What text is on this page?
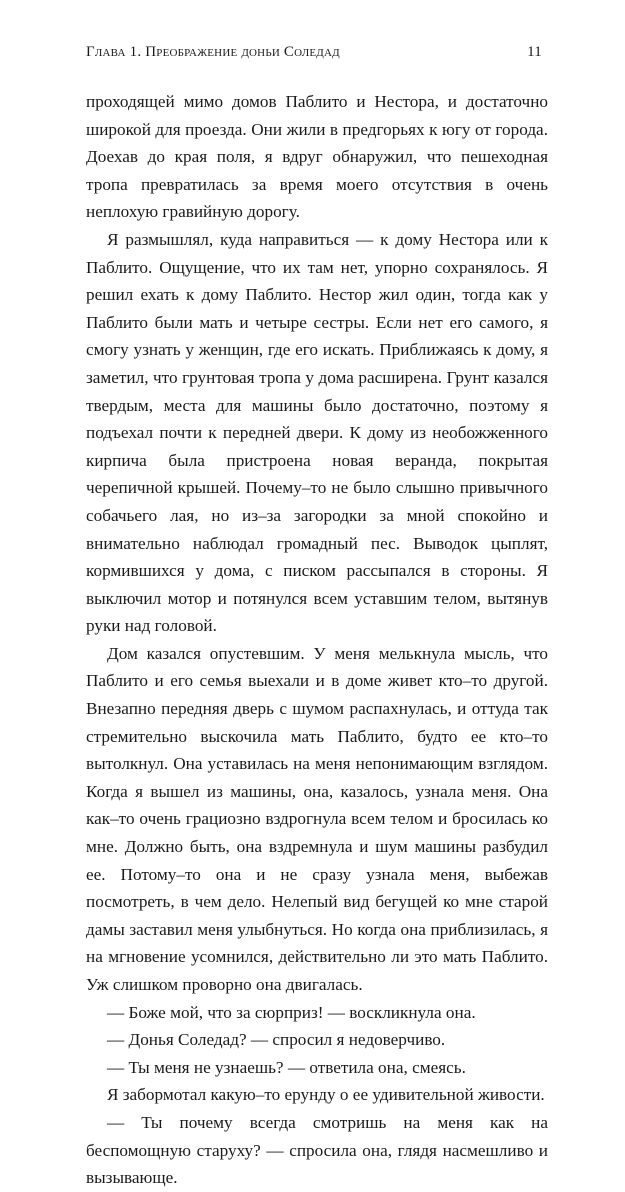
Глава 1. Преображение доньи Соледад	11

проходящей мимо домов Паблито и Нестора, и достаточно широкой для проезда. Они жили в предгорьях к югу от города. Доехав до края поля, я вдруг обнаружил, что пешеходная тропа превратилась за время моего отсутствия в очень неплохую гравийную дорогу.

Я размышлял, куда направиться — к дому Нестора или к Паблито. Ощущение, что их там нет, упорно сохранялось. Я решил ехать к дому Паблито. Нестор жил один, тогда как у Паблито были мать и четыре сестры. Если нет его самого, я смогу узнать у женщин, где его искать. Приближаясь к дому, я заметил, что грунтовая тропа у дома расширена. Грунт казался твердым, места для машины было достаточно, поэтому я подъехал почти к передней двери. К дому из необожженного кирпича была пристроена новая веранда, покрытая черепичной крышей. Почему–то не было слышно привычного собачьего лая, но из–за загородки за мной спокойно и внимательно наблюдал громадный пес. Выводок цыплят, кормившихся у дома, с писком рассыпался в стороны. Я выключил мотор и потянулся всем уставшим телом, вытянув руки над головой.

Дом казался опустевшим. У меня мелькнула мысль, что Паблито и его семья выехали и в доме живет кто–то другой. Внезапно передняя дверь с шумом распахнулась, и оттуда так стремительно выскочила мать Паблито, будто ее кто–то вытолкнул. Она уставилась на меня непонимающим взглядом. Когда я вышел из машины, она, казалось, узнала меня. Она как–то очень грациозно вздрогнула всем телом и бросилась ко мне. Должно быть, она вздремнула и шум машины разбудил ее. Потому–то она и не сразу узнала меня, выбежав посмотреть, в чем дело. Нелепый вид бегущей ко мне старой дамы заставил меня улыбнуться. Но когда она приблизилась, я на мгновение усомнился, действительно ли это мать Паблито. Уж слишком проворно она двигалась.

— Боже мой, что за сюрприз! — воскликнула она.

— Донья Соледад? — спросил я недоверчиво.

— Ты меня не узнаешь? — ответила она, смеясь.

Я забормотал какую–то ерунду о ее удивительной живости.

— Ты почему всегда смотришь на меня как на беспомощную старуху? — спросила она, глядя насмешливо и вызывающе.
